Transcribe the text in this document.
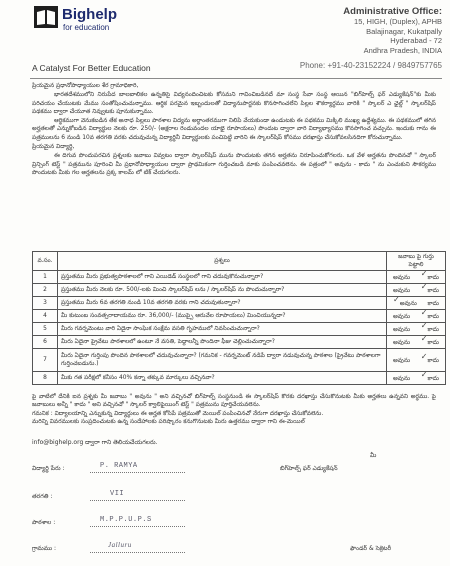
Bighelp
for education
A Catalyst For Better Education
Administrative Office:
15, HIGH, (Duplex), APHB
Balajinagar, Kukatpally
Hyderabad - 72
Andhra Pradesh, INDIA
Phone: +91-40-23152224 / 9849757765

ప్రియమైన ప్రధానోపాధ్యాయుల శేర గ్రామాధికారి,

భారతదేశములోని నిరుపేద బాలబాలికల ఉన్నతిసై విద్యనందించిటకు కోసమని గావించిబడినదే మా సంస్థ సేవా సంస్థ ఆయిన "బిగ్‌హెల్ప్ ఫర్ ఎడ్యుకేషన్"కు మీకు పరిచయం చేయుటకు మేము సంతోషించుచున్నాము. ఆర్థిక పరమైన ఇబ్బందులతో విద్యానుపార్జనకు కొనసాగించలేని పిల్లల శౌకర్యార్థము వారికి " స్కాలర్ ఎ ఛైల్డ్ " స్కాలర్‌షిప్ పథకము ద్వారా చేయూత నివ్వుటకు పూనుకున్నాము.

ఆర్థికముగా వెనుకబడిన తేక అనాధ పిల్లలు పాఠశాల విద్యను అర్ధాంతరముగా నిలిపి వేయకుండా ఉండుటకు ఈ పథకము మిక్కిలి ముఖ్య ఉద్దేశ్యము. ఈ పథకములో తగిన అర్హతలతో ఎన్నుకోబడిన విద్యార్థుల నెలకు రూ. 250/- (అక్షరాల రెండువందల యాభై రూపాయలు) పొందుట ద్వారా వారి విద్యాభ్యాసము కొనసాగించ వచ్చును. ఇందుకు గాను ఈ పత్రములను 6 నుండి 10వ తరగతి వరకు చదువుచున్న విద్యార్థినీ విద్యార్థులకు పంచిపెట్టి వారిని ఈ స్కాలర్‌షిప్ కోసము దరఖాస్తు చేసుకోవలసినదిగా కోరుచున్నాము.

ప్రియమైన విద్యార్థి,

ఈ దిగువ పొందుపరచిన ప్రశ్నలకు జవాబు వివ్వటం ద్వారా స్కాలర్‌షిప్ మును పొందుటకు తగిన అర్హతను నిరూపించుకోగలరు. ఒక వేళ అర్హతను పొందినచో " స్కాలర్ వ్రిన్సింగ్ టెస్ట్ " పత్రమును పూరించి మీ ప్రధానోపాధ్యాయుల ద్వారా ప్రాథమికంగా గుర్తించబడి మాకు పంపించవలెను. ఈ పత్రంలో " అవును - కాదు " ను ఎంచుకుని సౌకర్యము పొందుటకు మీకు గల అర్హతలను ప్రక్క కాలమ్ లో టిక్ చేయగలరు.

వ.సం.	ప్రశ్నలు	జవాబు పై గుర్తు పెట్టాలి
1	ప్రస్తుతము మీరు ప్రభుత్వపాఠశాలలో గాని ఎయిడెడ్ సంస్థలలో గాని చదువుకొనుచున్నారా?	అవును ✓కాదు

2	ప్రస్తుతము మీరు నెలకు రూ. 500/-లకు మించి స్కాలర్‌షిప్ లను / స్కాలర్‌షిప్ ను పొందుచున్నారా?	అవును ✓కాదు

3	ప్రస్తుతము మీరు 6వ తరగతి నుండి 10వ తరగతి వరకు గాని చదువుతున్నారా?	✓అవును కాదు

4	మీ కుటుంబ సంవత్సరాదాయము రూ. 36,000/- (ముప్పై ఆరువేల రూపాయలు) మించియున్నదా?	అవును ✓కాదు

5	మీరు గవర్నమెంటు వారి ఏదైనా సాంఘిక సంక్షేమ వసతి గృహములో నివసించుచున్నారా?	అవును ✓కాదు

6	మీరు ఏదైనా ప్రైవేటు పాఠశాలలో ఉంటూ నే వసతి, పెద్దాలన్నీ పొందినా ఫీజు చెల్లించుచున్నారా?	అవును ✓కాదు

7	మీరు ఏదైనా గుర్తింపు పొందిన పాఠశాలలో చదువుచున్నారా? (గమనిక - గవర్నమెంట్ నడిపే ద్వారా నడువుచున్న పాఠశాల (ప్రైవేటు పాఠశాలగా గుర్తించబడును.)	అవును ✓కాదు

8	మీకు గత పరీక్షలో కనీసం 40% కన్నా తక్కువ మార్కులు వచ్చినవా?	అవును ✓కాదు

పై వాటిలో దేనికి ఐన ప్రశ్నకు మీ జవాబు " అవును " అని వచ్చినచో బిగ్‌హెల్ప్ సంస్థనుండి ఈ స్కాలర్‌షిప్ కొరకు దరఖాస్తు చేసుకొనుటకు మీకు అర్హతలు ఉన్నవని అర్థము. పై జవాబులు అన్నీ " కాదు " అని వచ్చినచో " స్కాలర్ క్వాలిఫైయింగ్ టెస్ట్ " పత్రమును పూర్తిచేయవలెను.

గమనిక : విద్యాలయాన్ని ఎన్నుకున్న విద్యార్థులు ఈ అర్హత కోసిపే పత్రముతో మెయిల్ పంపించినచో నేరుగా దరఖాస్తు చేసుకోవలెను.

మరిన్ని వివరములకు సంప్రదించుటకు ఉన్న సందేహాలకు పరిష్కారం కనుగొనుటకు మీరు ఉత్తరము ద్వారా గాని ఈ-మెయిల్

info@bighelp.org ద్వారా గాని తెలియచేయగలరు.
విద్యార్థి పేరు :	P. RAMYA
తరగతి :	VII
పాఠశాల :	M.P.P.U.P.S
గ్రామము :	Jalluru
మీ
బిగ్‌హెల్ప్ ఫర్ ఎడ్యుకేషన్
ఫౌండర్ & సెక్రెటరీ
